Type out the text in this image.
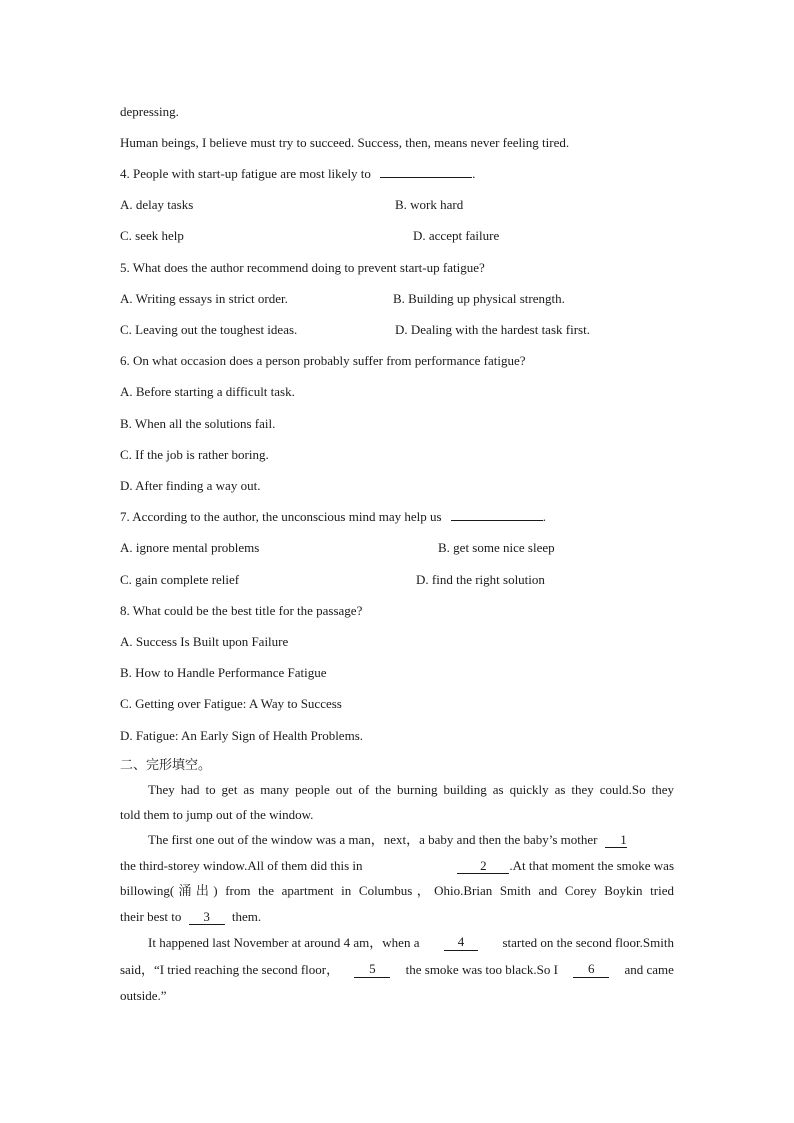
depressing.
Human beings, I believe must try to succeed. Success, then, means never feeling tired.
4. People with start-up fatigue are most likely to	.
A. delay tasks	B. work hard
C. seek help	D. accept failure
5. What does the author recommend doing to prevent start-up fatigue?
A. Writing essays in strict order.	B. Building up physical strength.
C. Leaving out the toughest ideas.	D. Dealing with the hardest task first.
6. On what occasion does a person probably suffer from performance fatigue?
A. Before starting a difficult task.
B. When all the solutions fail.
C. If the job is rather boring.
D. After finding a way out.
7. According to the author, the unconscious mind may help us	.
A. ignore mental problems	B. get some nice sleep
C. gain complete relief	D. find the right solution
8. What could be the best title for the passage?
A. Success Is Built upon Failure
B. How to Handle Performance Fatigue
C. Getting over Fatigue: A Way to Success
D. Fatigue: An Early Sign of Health Problems.
二、完形填空。
They had to get as many people out of the burning building as quickly as they could.So they
told them to jump out of the window.
The first one out of the window was a man，next，a baby and then the baby’s mother 1
the third-storey window.All of them did this in	2 .At that moment the smoke was
billowing(涌出) from the apartment in Columbus，Ohio.Brian Smith and Corey Boykin tried
their best to 3 them.
It happened last November at around 4 am，when a	4	started on the second floor.Smith
said，“I tried reaching the second floor，	5	the smoke was too black.So I	6	and came
outside.”
